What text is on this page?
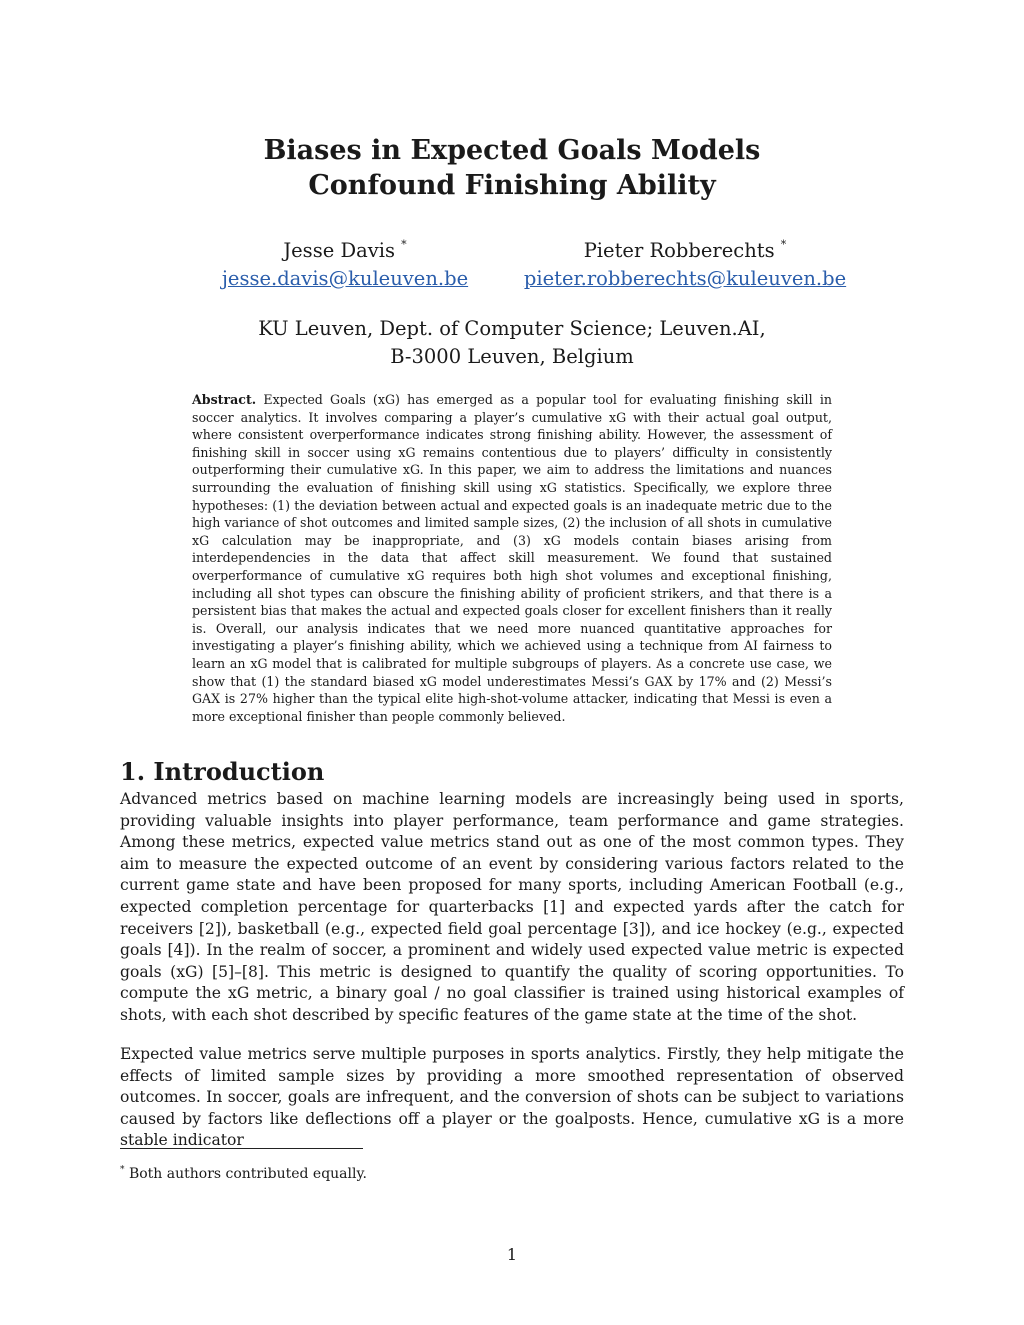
Biases in Expected Goals Models
Confound Finishing Ability
Jesse Davis *
jesse.davis@kuleuven.be
Pieter Robberechts *
pieter.robberechts@kuleuven.be

KU Leuven, Dept. of Computer Science; Leuven.AI,
B-3000 Leuven, Belgium

Abstract. Expected Goals (xG) has emerged as a popular tool for evaluating finishing skill in soccer analytics. It involves comparing a player’s cumulative xG with their actual goal output, where consistent overperformance indicates strong finishing ability. However, the assessment of finishing skill in soccer using xG remains contentious due to players’ difficulty in consistently outperforming their cumulative xG. In this paper, we aim to address the limitations and nuances surrounding the evaluation of finishing skill using xG statistics. Specifically, we explore three hypotheses: (1) the deviation between actual and expected goals is an inadequate metric due to the high variance of shot outcomes and limited sample sizes, (2) the inclusion of all shots in cumulative xG calculation may be inappropriate, and (3) xG models contain biases arising from interdependencies in the data that affect skill measurement. We found that sustained overperformance of cumulative xG requires both high shot volumes and exceptional finishing, including all shot types can obscure the finishing ability of proficient strikers, and that there is a persistent bias that makes the actual and expected goals closer for excellent finishers than it really is. Overall, our analysis indicates that we need more nuanced quantitative approaches for investigating a player’s finishing ability, which we achieved using a technique from AI fairness to learn an xG model that is calibrated for multiple subgroups of players. As a concrete use case, we show that (1) the standard biased xG model underestimates Messi’s GAX by 17% and (2) Messi’s GAX is 27% higher than the typical elite high-shot-volume attacker, indicating that Messi is even a more exceptional finisher than people commonly believed.

1. Introduction

Advanced metrics based on machine learning models are increasingly being used in sports, providing valuable insights into player performance, team performance and game strategies. Among these metrics, expected value metrics stand out as one of the most common types. They aim to measure the expected outcome of an event by considering various factors related to the current game state and have been proposed for many sports, including American Football (e.g., expected completion percentage for quarterbacks [1] and expected yards after the catch for receivers [2]), basketball (e.g., expected field goal percentage [3]), and ice hockey (e.g., expected goals [4]). In the realm of soccer, a prominent and widely used expected value metric is expected goals (xG) [5]–[8]. This metric is designed to quantify the quality of scoring opportunities. To compute the xG metric, a binary goal / no goal classifier is trained using historical examples of shots, with each shot described by specific features of the game state at the time of the shot.

Expected value metrics serve multiple purposes in sports analytics. Firstly, they help mitigate the effects of limited sample sizes by providing a more smoothed representation of observed outcomes. In soccer, goals are infrequent, and the conversion of shots can be subject to variations caused by factors like deflections off a player or the goalposts. Hence, cumulative xG is a more stable indicator

* Both authors contributed equally.

1
